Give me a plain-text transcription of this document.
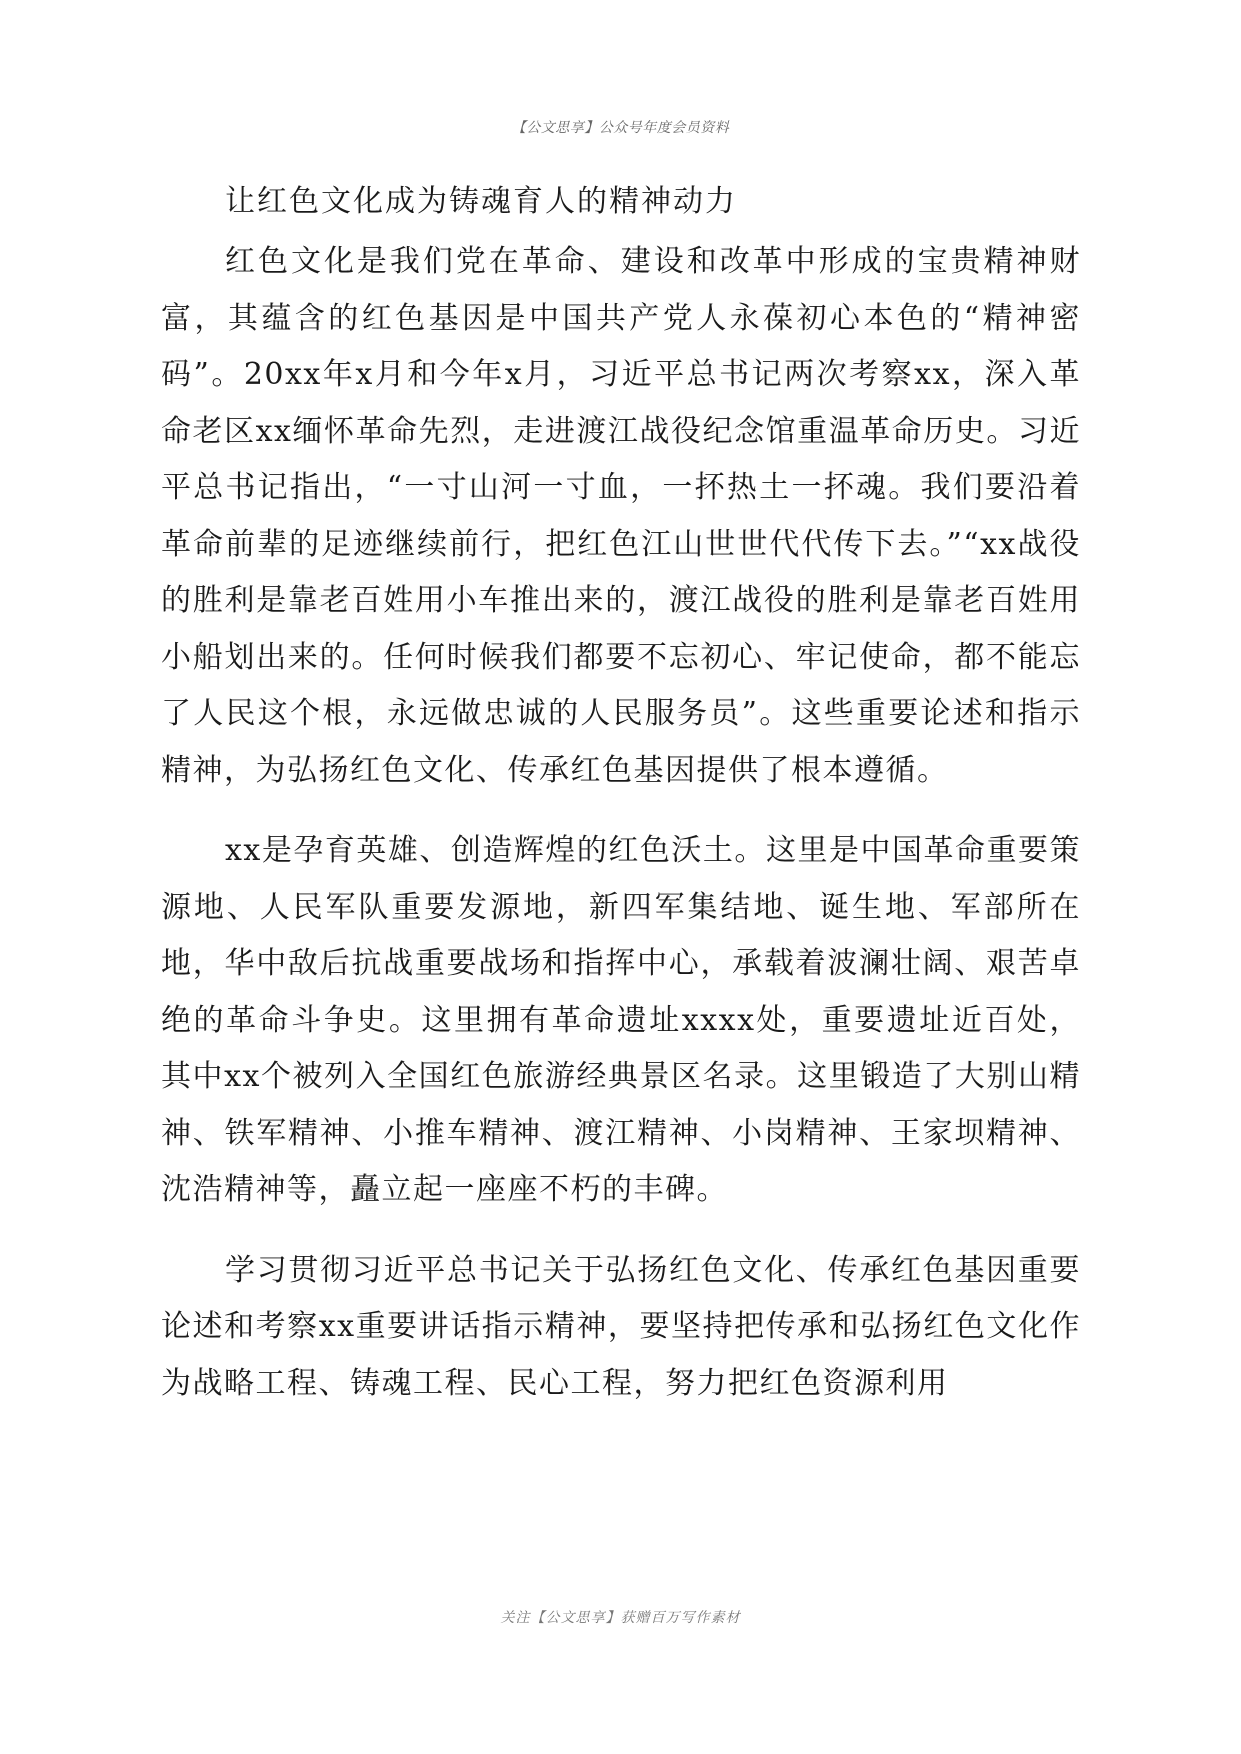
【公文思享】公众号年度会员资料
让红色文化成为铸魂育人的精神动力

红色文化是我们党在革命、建设和改革中形成的宝贵精神财富，其蕴含的红色基因是中国共产党人永葆初心本色的“精神密码”。20xx年x月和今年x月，习近平总书记两次考察xx，深入革命老区xx缅怀革命先烈，走进渡江战役纪念馆重温革命历史。习近平总书记指出，“一寸山河一寸血，一抔热土一抔魂。我们要沿着革命前辈的足迹继续前行，把红色江山世世代代传下去。”“xx战役的胜利是靠老百姓用小车推出来的，渡江战役的胜利是靠老百姓用小船划出来的。任何时候我们都要不忘初心、牢记使命，都不能忘了人民这个根，永远做忠诚的人民服务员”。这些重要论述和指示精神，为弘扬红色文化、传承红色基因提供了根本遵循。

xx是孕育英雄、创造辉煌的红色沃土。这里是中国革命重要策源地、人民军队重要发源地，新四军集结地、诞生地、军部所在地，华中敌后抗战重要战场和指挥中心，承载着波澜壮阔、艰苦卓绝的革命斗争史。这里拥有革命遗址xxxx处，重要遗址近百处，其中xx个被列入全国红色旅游经典景区名录。这里锻造了大别山精神、铁军精神、小推车精神、渡江精神、小岗精神、王家坝精神、沈浩精神等，矗立起一座座不朽的丰碑。

学习贯彻习近平总书记关于弘扬红色文化、传承红色基因重要论述和考察xx重要讲话指示精神，要坚持把传承和弘扬红色文化作为战略工程、铸魂工程、民心工程，努力把红色资源利用

关注【公文思享】获赠百万写作素材
